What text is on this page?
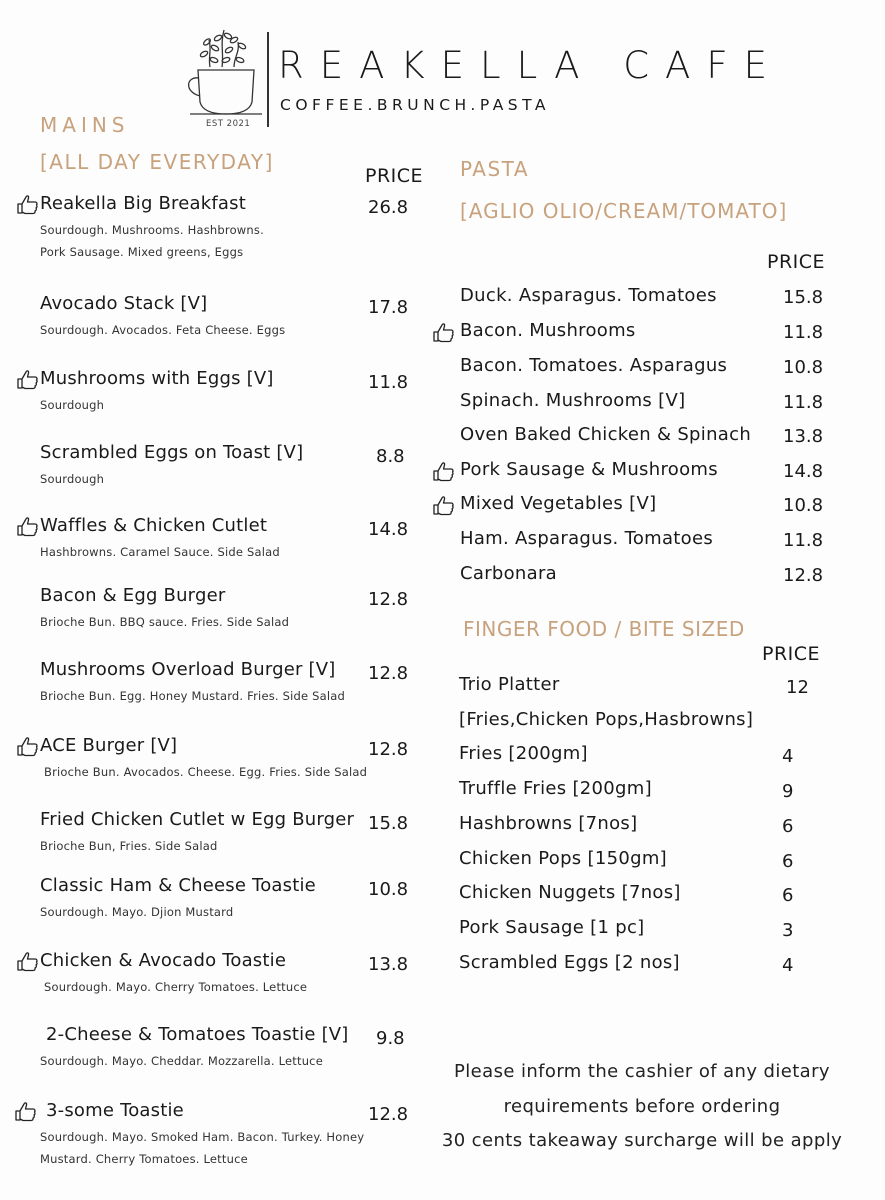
EST 2021
REAKELLA CAFE
COFFEE.BRUNCH.PASTA
MAINS
[ALL DAY EVERYDAY]
PRICE
Reakella Big Breakfast	26.8
Sourdough. Mushrooms. Hashbrowns.
Pork Sausage. Mixed greens, Eggs
Avocado Stack [V]	17.8
Sourdough. Avocados. Feta Cheese. Eggs
Mushrooms with Eggs [V]	11.8
Sourdough
Scrambled Eggs on Toast [V]	8.8
Sourdough
Waffles & Chicken Cutlet	14.8
Hashbrowns. Caramel Sauce. Side Salad
Bacon & Egg Burger	12.8
Brioche Bun. BBQ sauce. Fries. Side Salad
Mushrooms Overload Burger [V] 12.8
Brioche Bun. Egg. Honey Mustard. Fries. Side Salad
ACE Burger [V]	12.8
Brioche Bun. Avocados. Cheese. Egg. Fries. Side Salad
Fried Chicken Cutlet w Egg Burger 15.8
Brioche Bun, Fries. Side Salad
Classic Ham & Cheese Toastie	10.8
Sourdough. Mayo. Djion Mustard
Chicken & Avocado Toastie	13.8
Sourdough. Mayo. Cherry Tomatoes. Lettuce
2-Cheese & Tomatoes Toastie [V] 9.8
Sourdough. Mayo. Cheddar. Mozzarella. Lettuce
3-some Toastie	12.8
Sourdough. Mayo. Smoked Ham. Bacon. Turkey. Honey
Mustard. Cherry Tomatoes. Lettuce
PASTA
[AGLIO OLIO/CREAM/TOMATO]
PRICE
Duck. Asparagus. Tomatoes	15.8
Bacon. Mushrooms	11.8
Bacon. Tomatoes. Asparagus	10.8
Spinach. Mushrooms [V]	11.8
Oven Baked Chicken & Spinach 13.8
Pork Sausage & Mushrooms	14.8
Mixed Vegetables [V]	10.8
Ham. Asparagus. Tomatoes	11.8
Carbonara	12.8
FINGER FOOD / BITE SIZED
PRICE
Trio Platter	12
[Fries,Chicken Pops,Hasbrowns]
Fries [200gm]	4
Truffle Fries [200gm]	9
Hashbrowns [7nos]	6
Chicken Pops [150gm]	6
Chicken Nuggets [7nos]	6
Pork Sausage [1 pc]	3
Scrambled Eggs [2 nos]	4
Please inform the cashier of any dietary
requirements before ordering
30 cents takeaway surcharge will be apply
